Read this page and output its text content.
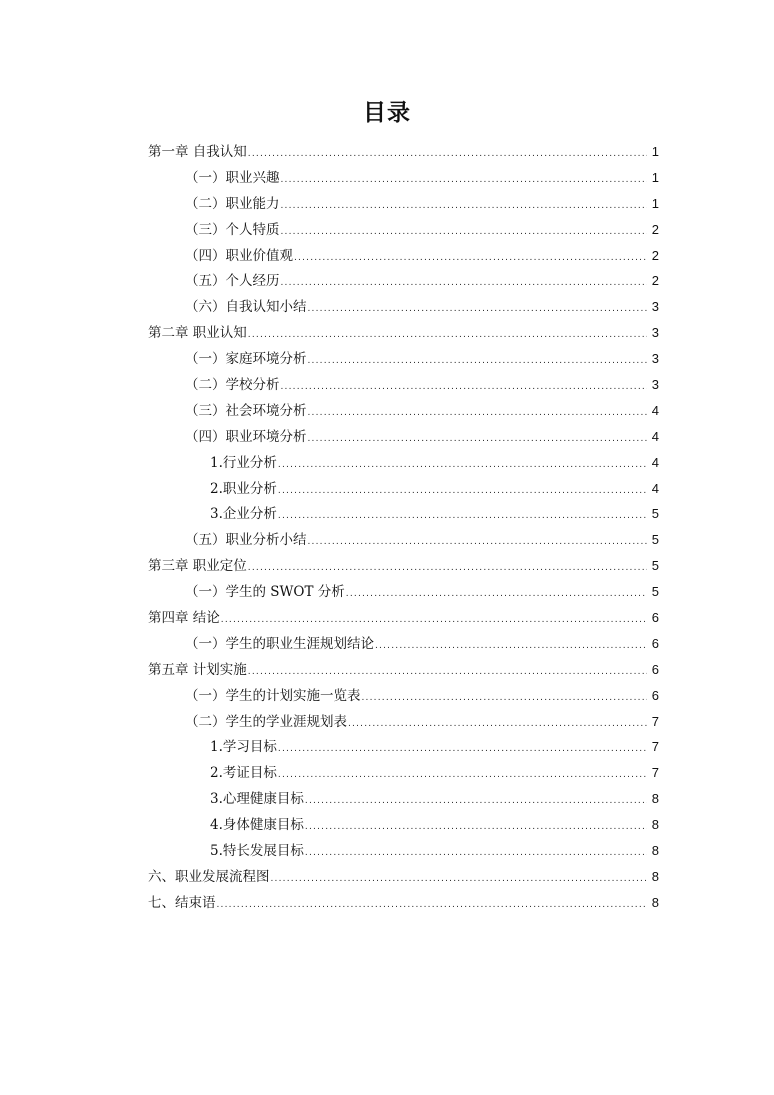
目录
第一章 自我认知 .....	1
（一）职业兴趣 .....	1
（二）职业能力 .....	1
（三）个人特质 .....	2
（四）职业价值观 .....	2
（五）个人经历 .....	2
（六）自我认知小结 .....	3
第二章 职业认知 .....	3
（一）家庭环境分析 .....	3
（二）学校分析 .....	3
（三）社会环境分析 .....	4
（四）职业环境分析 .....	4
1.行业分析 .....	4
2.职业分析 .....	4
3.企业分析 .....	5
（五）职业分析小结 .....	5
第三章 职业定位 .....	5
（一）学生的 SWOT 分析 .....	5
第四章 结论 .....	6
（一）学生的职业生涯规划结论 .....	6
第五章 计划实施 .....	6
（一）学生的计划实施一览表 .....	6
（二）学生的学业涯规划表 .....	7
1.学习目标 .....	7
2.考证目标 .....	7
3.心理健康目标 .....	8
4.身体健康目标 .....	8
5.特长发展目标 .....	8
六、职业发展流程图 .....	8
七、结束语 .....	8
